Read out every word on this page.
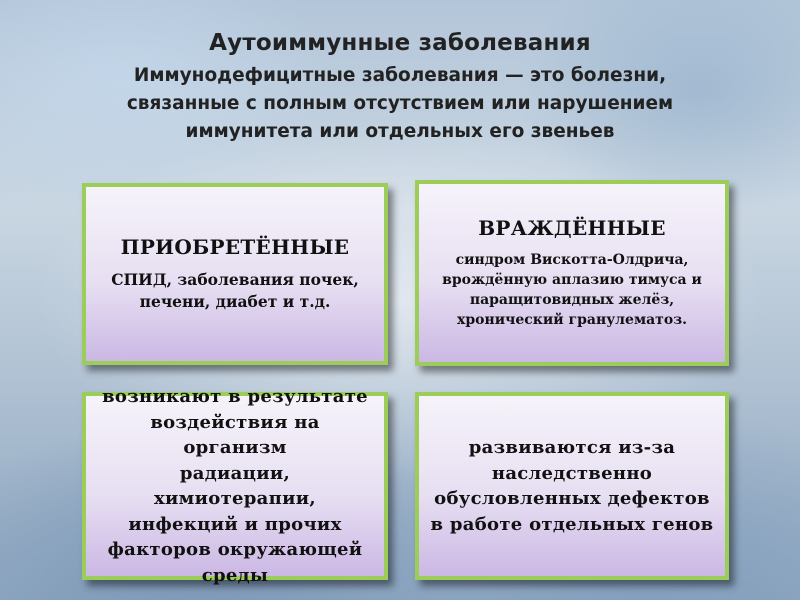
Аутоиммунные заболевания
Иммунодефицитные заболевания — это болезни,
связанные с полным отсутствием или нарушением
иммунитета или отдельных его звеньев
ПРИОБРЕТЁННЫЕ
СПИД, заболевания почек,
печени, диабет и т.д.
ВРАЖДЁННЫЕ
синдром Вискотта-Олдрича,
врождённую аплазию тимуса и
паращитовидных желёз,
хронический гранулематоз.
возникают в результате
воздействия на организм
радиации, химиотерапии,
инфекций и прочих
факторов окружающей
среды
развиваются из-за
наследственно
обусловленных дефектов
в работе отдельных генов
